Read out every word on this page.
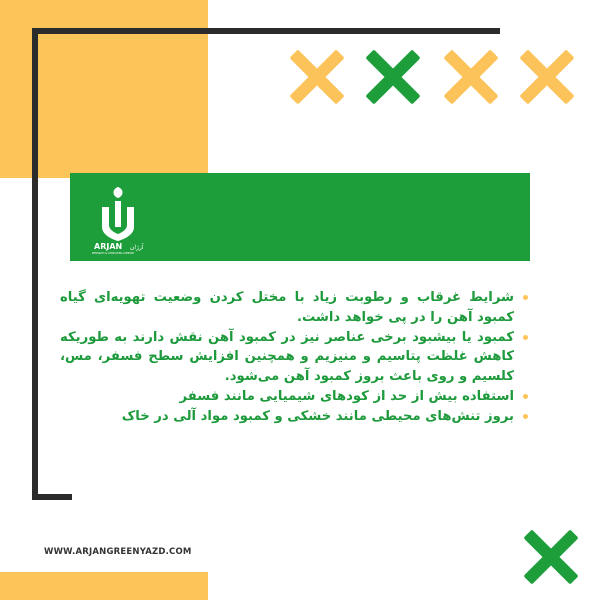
ARJAN آرژان
RESEARCH & CONSULTING COMPANY
شرایط غرقاب و رطوبت زیاد با مختل کردن وضعیت تهویه‌ای گیاه کمبود آهن را در پی خواهد داشت.
کمبود یا بیشبود برخی عناصر نیز در کمبود آهن نقش دارند به طوریکه کاهش غلظت پتاسیم و منیزیم و همچنین افزایش سطح فسفر، مس، کلسیم و روی باعث بروز کمبود آهن می‌شود.
استفاده بیش از حد از کودهای شیمیایی مانند فسفر
بروز تنش‌های محیطی مانند خشکی و کمبود مواد آلی در خاک
WWW.ARJANGREENYAZD.COM
